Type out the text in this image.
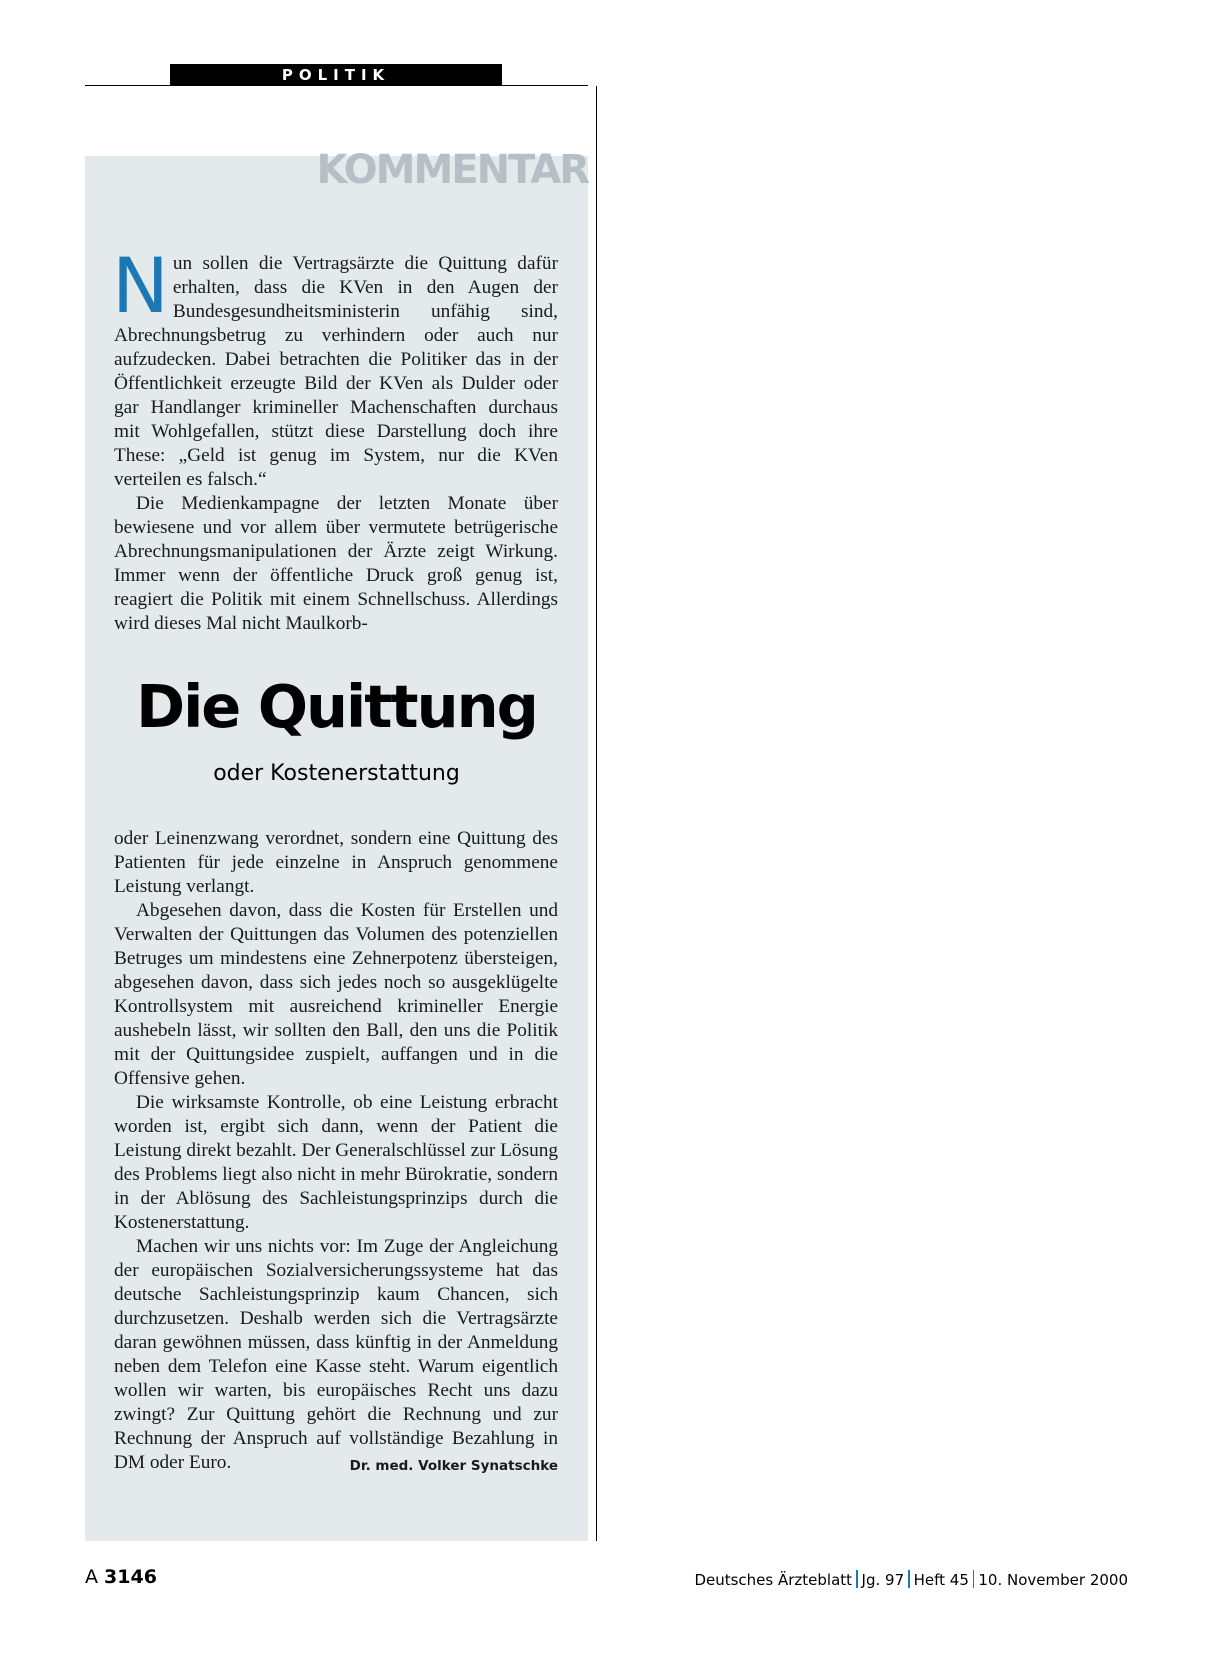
POLITIK
KOMMENTAR

Nun sollen die Vertragsärzte die Quittung dafür erhalten, dass die KVen in den Augen der Bundesgesundheitsministerin unfähig sind, Abrechnungsbetrug zu verhindern oder auch nur aufzudecken. Dabei betrachten die Politiker das in der Öffentlichkeit erzeugte Bild der KVen als Dulder oder gar Handlanger krimineller Machenschaften durchaus mit Wohlgefallen, stützt diese Darstellung doch ihre These: „Geld ist genug im System, nur die KVen verteilen es falsch.“

Die Medienkampagne der letzten Monate über bewiesene und vor allem über vermutete betrügerische Abrechnungsmanipulationen der Ärzte zeigt Wirkung. Immer wenn der öffentliche Druck groß genug ist, reagiert die Politik mit einem Schnellschuss. Allerdings wird dieses Mal nicht Maulkorb-

Die Quittung
oder Kostenerstattung

oder Leinenzwang verordnet, sondern eine Quittung des Patienten für jede einzelne in Anspruch genommene Leistung verlangt.

Abgesehen davon, dass die Kosten für Erstellen und Verwalten der Quittungen das Volumen des potenziellen Betruges um mindestens eine Zehnerpotenz übersteigen, abgesehen davon, dass sich jedes noch so ausgeklügelte Kontrollsystem mit ausreichend krimineller Energie aushebeln lässt, wir sollten den Ball, den uns die Politik mit der Quittungsidee zuspielt, auffangen und in die Offensive gehen.

Die wirksamste Kontrolle, ob eine Leistung erbracht worden ist, ergibt sich dann, wenn der Patient die Leistung direkt bezahlt. Der Generalschlüssel zur Lösung des Problems liegt also nicht in mehr Bürokratie, sondern in der Ablösung des Sachleistungsprinzips durch die Kostenerstattung.

Machen wir uns nichts vor: Im Zuge der Angleichung der europäischen Sozialversicherungssysteme hat das deutsche Sachleistungsprinzip kaum Chancen, sich durchzusetzen. Deshalb werden sich die Vertragsärzte daran gewöhnen müssen, dass künftig in der Anmeldung neben dem Telefon eine Kasse steht. Warum eigentlich wollen wir warten, bis europäisches Recht uns dazu zwingt? Zur Quittung gehört die Rechnung und zur Rechnung der Anspruch auf vollständige Bezahlung in DM oder Euro.	Dr. med. Volker Synatschke

A 3146	Deutsches Ärzteblatt Jg. 97 Heft 45 10. November 2000
